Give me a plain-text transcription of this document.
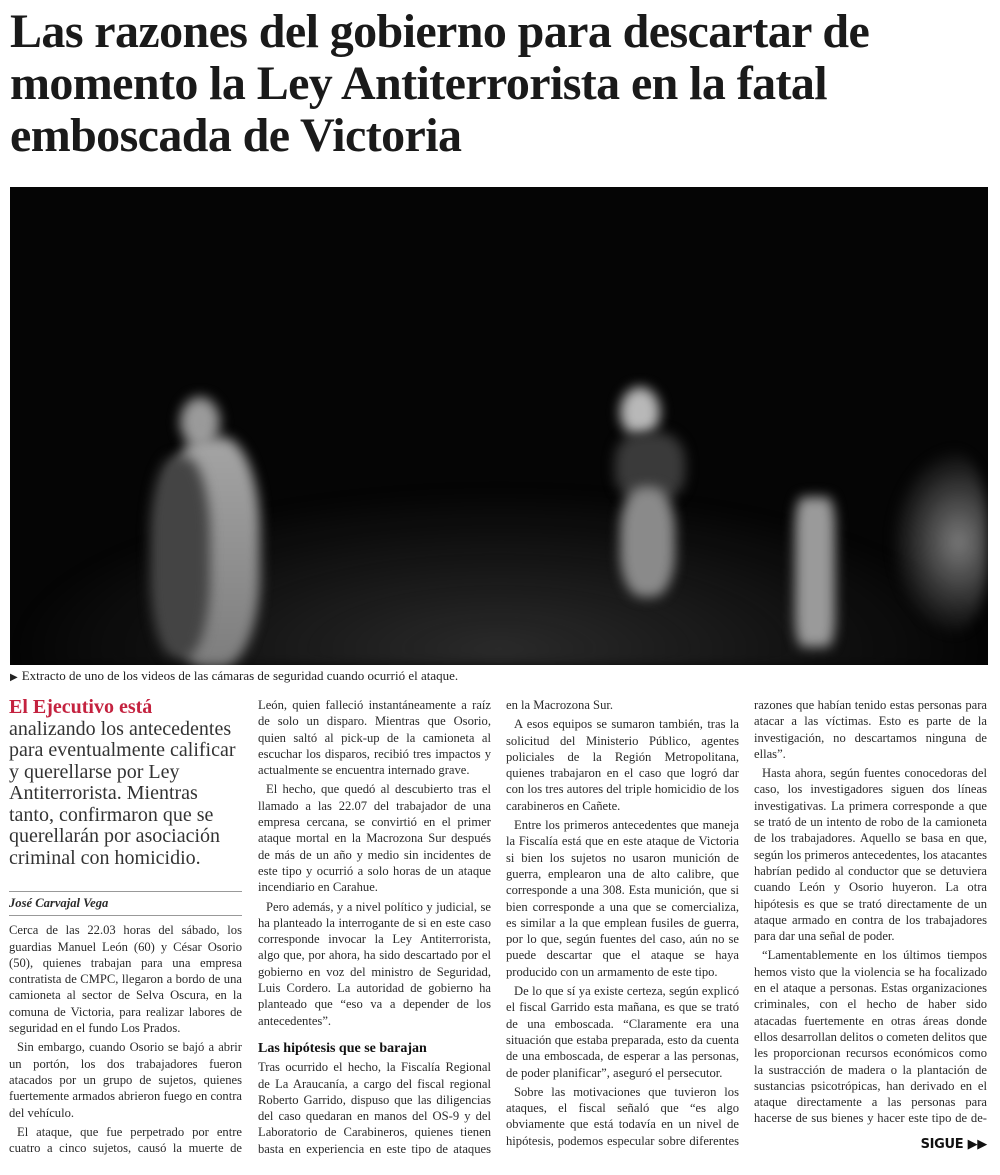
Las razones del gobierno para descartar de momento la Ley Antiterrorista en la fatal emboscada de Victoria
▶ Extracto de uno de los videos de las cámaras de seguridad cuando ocurrió el ataque.
El Ejecutivo está analizando los antecedentes para eventualmente calificar y querellarse por Ley Antiterrorista. Mientras tanto, confirmaron que se querellarán por asociación criminal con homicidio.
José Carvajal Vega

Cerca de las 22.03 horas del sábado, los guardias Manuel León (60) y César Osorio (50), quienes trabajan para una empresa contratista de CMPC, llegaron a bordo de una camioneta al sector de Selva Oscura, en la comuna de Victoria, para realizar labores de seguridad en el fundo Los Prados.

Sin embargo, cuando Osorio se bajó a abrir un portón, los dos trabajadores fueron atacados por un grupo de sujetos, quienes fuertemente armados abrieron fuego en contra del vehículo.

El ataque, que fue perpetrado por entre cuatro a cinco sujetos, causó la muerte de

León, quien falleció instantáneamente a raíz de solo un disparo. Mientras que Osorio, quien saltó al pick-up de la camioneta al escuchar los disparos, recibió tres impactos y actualmente se encuentra internado grave.

El hecho, que quedó al descubierto tras el llamado a las 22.07 del trabajador de una empresa cercana, se convirtió en el primer ataque mortal en la Macrozona Sur después de más de un año y medio sin incidentes de este tipo y ocurrió a solo horas de un ataque incendiario en Carahue.

Pero además, y a nivel político y judicial, se ha planteado la interrogante de si en este caso corresponde invocar la Ley Antiterrorista, algo que, por ahora, ha sido descartado por el gobierno en voz del ministro de Seguridad, Luis Cordero. La autoridad de gobierno ha planteado que “eso va a depender de los antecedentes”.

Las hipótesis que se barajan

Tras ocurrido el hecho, la Fiscalía Regional de La Araucanía, a cargo del fiscal regional Roberto Garrido, dispuso que las diligencias del caso quedaran en manos del OS-9 y del Laboratorio de Carabineros, quienes tienen basta en experiencia en este tipo de ataques

en la Macrozona Sur.

A esos equipos se sumaron también, tras la solicitud del Ministerio Público, agentes policiales de la Región Metropolitana, quienes trabajaron en el caso que logró dar con los tres autores del triple homicidio de los carabineros en Cañete.

Entre los primeros antecedentes que maneja la Fiscalía está que en este ataque de Victoria si bien los sujetos no usaron munición de guerra, emplearon una de alto calibre, que corresponde a una 308. Esta munición, que si bien corresponde a una que se comercializa, es similar a la que emplean fusiles de guerra, por lo que, según fuentes del caso, aún no se puede descartar que el ataque se haya producido con un armamento de este tipo.

De lo que sí ya existe certeza, según explicó el fiscal Garrido esta mañana, es que se trató de una emboscada. “Claramente era una situación que estaba preparada, esto da cuenta de una emboscada, de esperar a las personas, de poder planificar”, aseguró el persecutor.

Sobre las motivaciones que tuvieron los ataques, el fiscal señaló que “es algo obviamente que está todavía en un nivel de hipótesis, podemos especular sobre diferentes

razones que habían tenido estas personas para atacar a las víctimas. Esto es parte de la investigación, no descartamos ninguna de ellas”.

Hasta ahora, según fuentes conocedoras del caso, los investigadores siguen dos líneas investigativas. La primera corresponde a que se trató de un intento de robo de la camioneta de los trabajadores. Aquello se basa en que, según los primeros antecedentes, los atacantes habrían pedido al conductor que se detuviera cuando León y Osorio huyeron. La otra hipótesis es que se trató directamente de un ataque armado en contra de los trabajadores para dar una señal de poder.

“Lamentablemente en los últimos tiempos hemos visto que la violencia se ha focalizado en el ataque a personas. Estas organizaciones criminales, con el hecho de haber sido atacadas fuertemente en otras áreas donde ellos desarrollan delitos o cometen delitos que les proporcionan recursos económicos como la sustracción de madera o la plantación de sustancias psicotrópicas, han derivado en el ataque directamente a las personas para hacerse de sus bienes y hacer este tipo de de-

SIGUE ▶▶
